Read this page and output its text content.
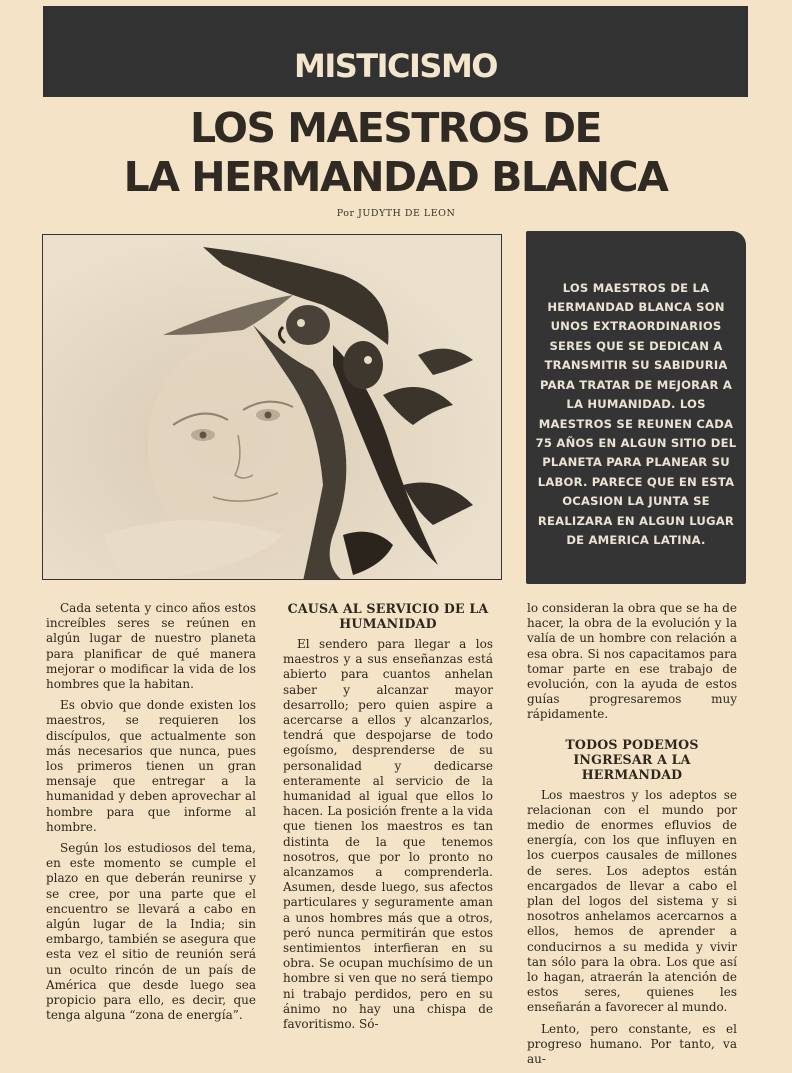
MISTICISMO
LOS MAESTROS DE
LA HERMANDAD BLANCA
Por JUDYTH DE LEON
LOS MAESTROS DE LA HERMANDAD BLANCA SON UNOS EXTRAORDINARIOS SERES QUE SE DEDICAN A TRANSMITIR SU SABIDURIA PARA TRATAR DE MEJORAR A LA HUMANIDAD. LOS MAESTROS SE REUNEN CADA 75 AÑOS EN ALGUN SITIO DEL PLANETA PARA PLANEAR SU LABOR. PARECE QUE EN ESTA OCASION LA JUNTA SE REALIZARA EN ALGUN LUGAR DE AMERICA LATINA.

Cada setenta y cinco años estos increíbles seres se reúnen en algún lugar de nuestro planeta para planificar de qué manera mejorar o modificar la vida de los hombres que la habitan.

Es obvio que donde existen los maestros, se requieren los discípulos, que actualmente son más necesarios que nunca, pues los primeros tienen un gran mensaje que entregar a la humanidad y deben aprovechar al hombre para que informe al hombre.

Según los estudiosos del tema, en este momento se cumple el plazo en que deberán reunirse y se cree, por una parte que el encuentro se llevará a cabo en algún lugar de la India; sin embargo, también se asegura que esta vez el sitio de reunión será un oculto rincón de un país de América que desde luego sea propicio para ello, es decir, que tenga alguna “zona de energía”.

CAUSA AL SERVICIO DE LA HUMANIDAD

El sendero para llegar a los maestros y a sus enseñanzas está abierto para cuantos anhelan saber y alcanzar mayor desarrollo; pero quien aspire a acercarse a ellos y alcanzarlos, tendrá que despojarse de todo egoísmo, desprenderse de su personalidad y dedicarse enteramente al servicio de la humanidad al igual que ellos lo hacen. La posición frente a la vida que tienen los maestros es tan distinta de la que tenemos nosotros, que por lo pronto no alcanzamos a comprenderla. Asumen, desde luego, sus afectos particulares y seguramente aman a unos hombres más que a otros, peró nunca permitirán que estos sentimientos interfieran en su obra. Se ocupan muchísimo de un hombre si ven que no será tiempo ni trabajo perdidos, pero en su ánimo no hay una chispa de favoritismo. Só-

lo consideran la obra que se ha de hacer, la obra de la evolución y la valía de un hombre con relación a esa obra. Si nos capacitamos para tomar parte en ese trabajo de evolución, con la ayuda de estos guías progresaremos muy rápidamente.

TODOS PODEMOS INGRESAR A LA HERMANDAD

Los maestros y los adeptos se relacionan con el mundo por medio de enormes efluvios de energía, con los que influyen en los cuerpos causales de millones de seres. Los adeptos están encargados de llevar a cabo el plan del logos del sistema y si nosotros anhelamos acercarnos a ellos, hemos de aprender a conducirnos a su medida y vivir tan sólo para la obra. Los que así lo hagan, atraerán la atención de estos seres, quienes les enseñarán a favorecer al mundo.

Lento, pero constante, es el progreso humano. Por tanto, va au-
